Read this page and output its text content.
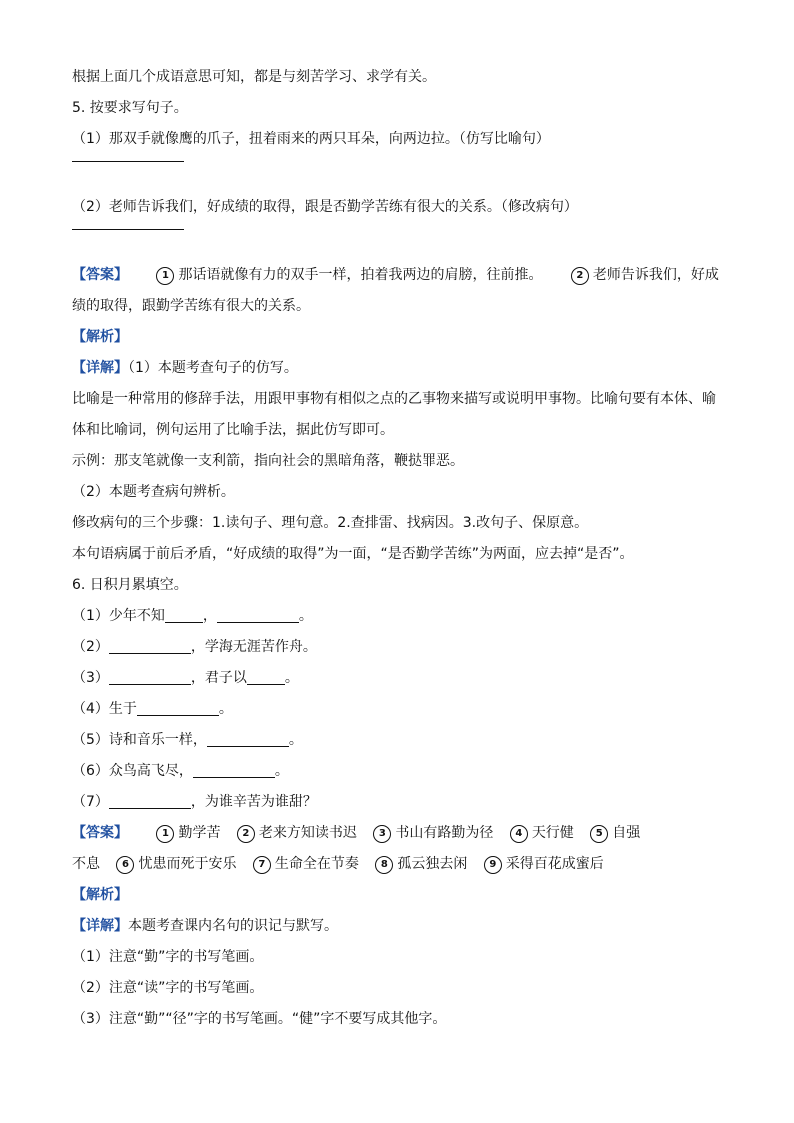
根据上面几个成语意思可知，都是与刻苦学习、求学有关。
5. 按要求写句子。
（1）那双手就像鹰的爪子，扭着雨来的两只耳朵，向两边拉。（仿写比喻句）
（2）老师告诉我们，好成绩的取得，跟是否勤学苦练有很大的关系。（修改病句）
【答案】	1 那话语就像有力的双手一样，拍着我两边的肩膀，往前推。	2 老师告诉我们，好成
绩的取得，跟勤学苦练有很大的关系。
【解析】
【详解】（1）本题考查句子的仿写。
比喻是一种常用的修辞手法，用跟甲事物有相似之点的乙事物来描写或说明甲事物。比喻句要有本体、喻
体和比喻词，例句运用了比喻手法，据此仿写即可。
示例：那支笔就像一支利箭，指向社会的黑暗角落，鞭挞罪恶。
（2）本题考查病句辨析。
修改病句的三个步骤：1.读句子、理句意。2.查排雷、找病因。3.改句子、保原意。
本句语病属于前后矛盾，“好成绩的取得”为一面，“是否勤学苦练”为两面，应去掉“是否”。
6. 日积月累填空。
（1）少年不知	，	。
（2）	，学海无涯苦作舟。
（3）	，君子以	。
（4）生于	。
（5）诗和音乐一样，	。
（6）众鸟高飞尽，	。
（7）	，为谁辛苦为谁甜？
【答案】	1 勤学苦 2 老来方知读书迟 3 书山有路勤为径 4 天行健 5 自强
不息 6 忧患而死于安乐 7 生命全在节奏 8 孤云独去闲 9 采得百花成蜜后
【解析】
【详解】本题考查课内名句的识记与默写。
（1）注意“勤”字的书写笔画。
（2）注意“读”字的书写笔画。
（3）注意“勤”“径”字的书写笔画。“健”字不要写成其他字。
